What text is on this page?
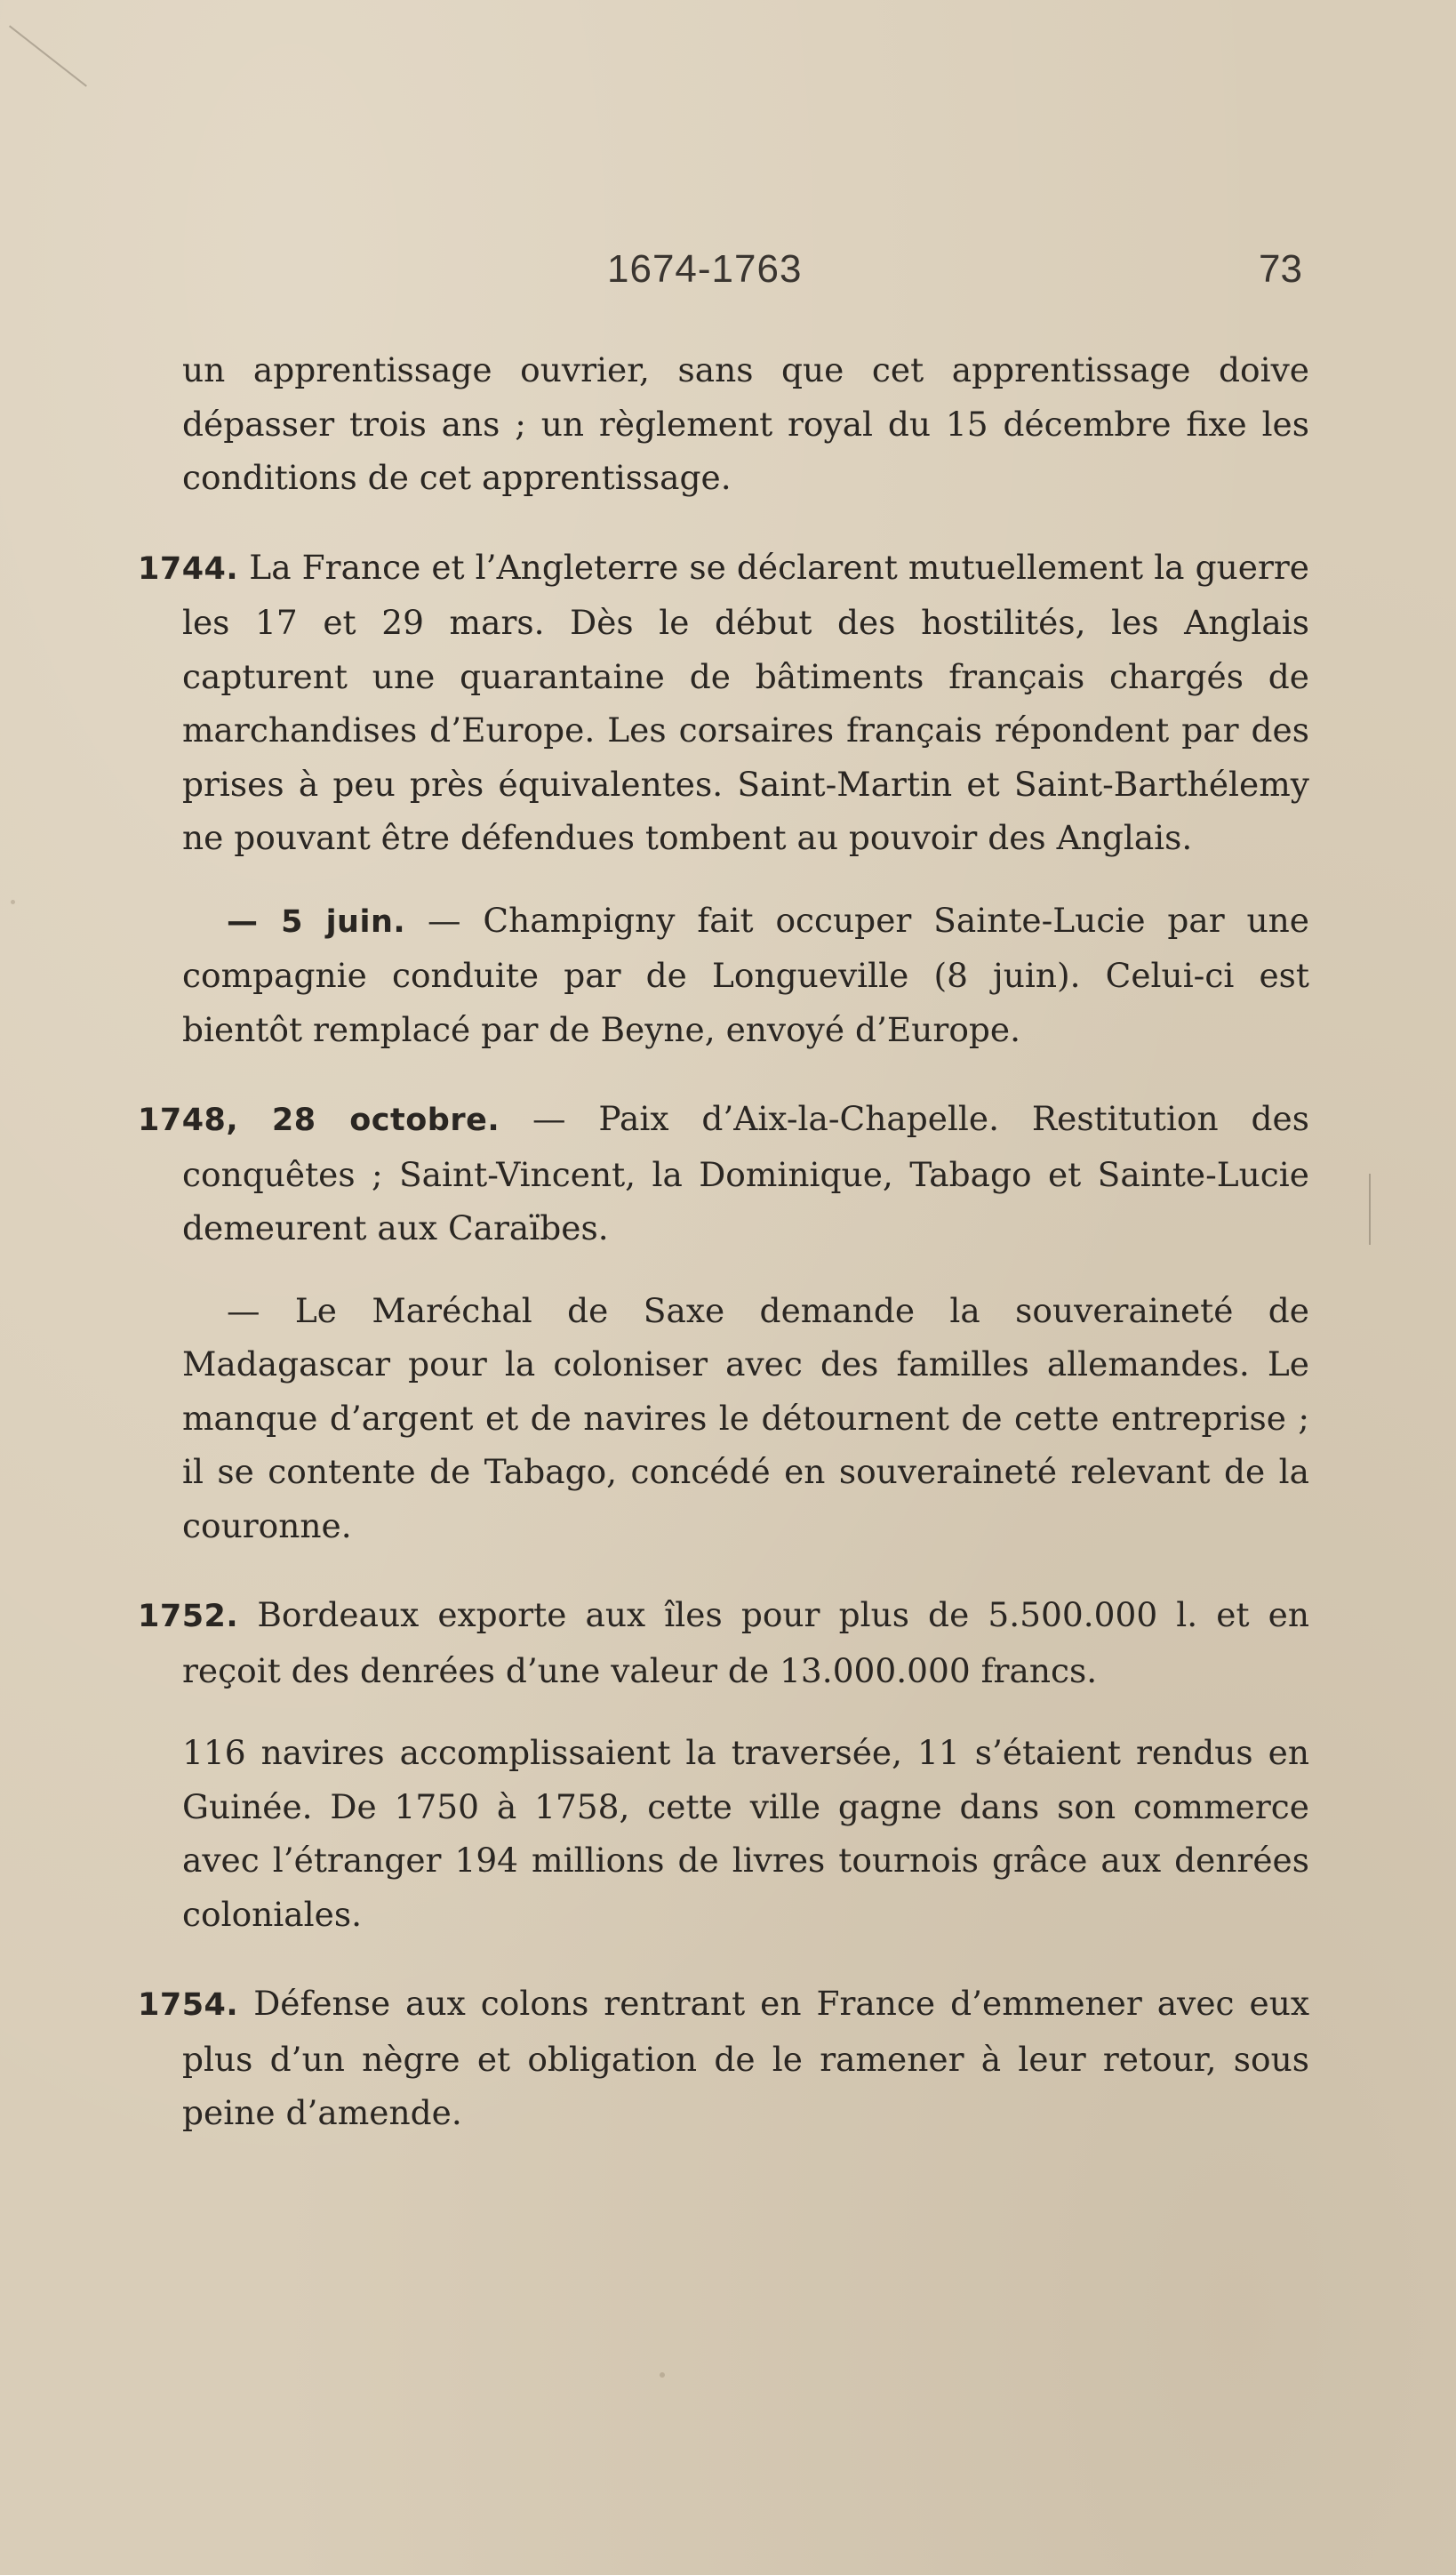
1674-1763	73

un apprentissage ouvrier, sans que cet apprentissage doive dépasser trois ans ; un règlement royal du 15 décembre fixe les conditions de cet apprentissage.

1744. La France et l’Angleterre se déclarent mutuellement la guerre les 17 et 29 mars. Dès le début des hostilités, les Anglais capturent une quarantaine de bâtiments français chargés de marchandises d’Europe. Les corsaires français répondent par des prises à peu près équivalentes. Saint-Martin et Saint-Barthélemy ne pouvant être défendues tombent au pouvoir des Anglais.

— 5 juin. — Champigny fait occuper Sainte-Lucie par une compagnie conduite par de Longueville (8 juin). Celui-ci est bientôt remplacé par de Beyne, envoyé d’Europe.

1748, 28 octobre. — Paix d’Aix-la-Chapelle. Restitution des conquêtes ; Saint-Vincent, la Dominique, Tabago et Sainte-Lucie demeurent aux Caraïbes.

— Le Maréchal de Saxe demande la souveraineté de Madagascar pour la coloniser avec des familles allemandes. Le manque d’argent et de navires le détournent de cette entreprise ; il se contente de Tabago, concédé en souveraineté relevant de la couronne.

1752. Bordeaux exporte aux îles pour plus de 5.500.000 l. et en reçoit des denrées d’une valeur de 13.000.000 francs.

116 navires accomplissaient la traversée, 11 s’étaient rendus en Guinée. De 1750 à 1758, cette ville gagne dans son commerce avec l’étranger 194 millions de livres tournois grâce aux denrées coloniales.

1754. Défense aux colons rentrant en France d’emmener avec eux plus d’un nègre et obligation de le ramener à leur retour, sous peine d’amende.
